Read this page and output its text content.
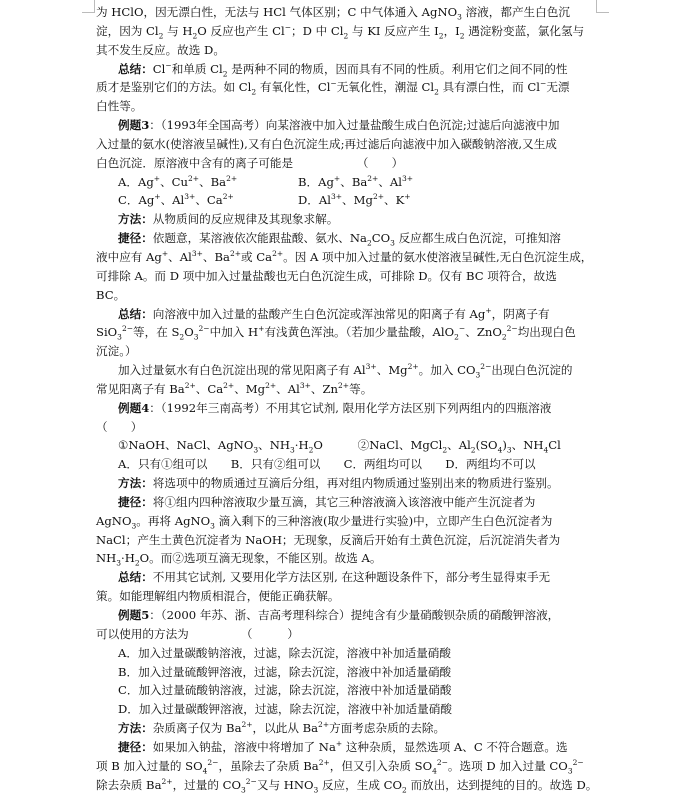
为 HClO，因无漂白性，无法与 HCl 气体区别；C 中气体通入 AgNO$_3$ 溶液，都产生白色沉
淀，因为 $Cl_2$ 与 $H_2O$ 反应也产生 Cl−；D 中 $Cl_2$ 与 KI 反应产生 $I_2$，$I_2$ 遇淀粉变蓝，氯化氢与
其不发生反应。故选 D。
总结：Cl−和单质 $Cl_2$ 是两种不同的物质，因而具有不同的性质。利用它们之间不同的性
质才是鉴别它们的方法。如 $Cl_2$ 有氧化性，Cl−无氧化性，潮湿 $Cl_2$ 具有漂白性，而 Cl−无漂
白性等。
例题3：（1993年全国高考）向某溶液中加入过量盐酸生成白色沉淀;过滤后向滤液中加
入过量的氨水(使溶液呈碱性),又有白色沉淀生成;再过滤后向滤液中加入碳酸钠溶液,又生成
白色沉淀．原溶液中含有的离子可能是　　　　　　（　　）
A．Ag+、$Cu^{2+}$、$Ba^{2+}$	B．Ag+、$Ba^{2+}$、$Al^{3+}$
C．Ag+、$Al^{3+}$、$Ca^{2+}$	D．$Al^{3+}$、$Mg^{2+}$、K+
方法：从物质间的反应规律及其现象求解。
捷径：依题意，某溶液依次能跟盐酸、氨水、$Na_2CO_3$ 反应都生成白色沉淀，可推知溶
液中应有 Ag+、$Al^{3+}$、$Ba^{2+}$或 $Ca^{2+}$。因 A 项中加入过量的氨水使溶液呈碱性,无白色沉淀生成，
可排除 A。而 D 项中加入过量盐酸也无白色沉淀生成，可排除 D。仅有 BC 项符合，故选
BC。
总结：向溶液中加入过量的盐酸产生白色沉淀或浑浊常见的阳离子有 Ag+，阴离子有
SiO$_3^{2-}$等，在 $S_2O_3^{2-}$中加入 H+有浅黄色浑浊。（若加少量盐酸，AlO$_2$−、ZnO$_2^{2-}$均出现白色
沉淀。）
加入过量氨水有白色沉淀出现的常见阳离子有 $Al^{3+}$、$Mg^{2+}$。加入 $CO_3^{2-}$出现白色沉淀的
常见阳离子有 $Ba^{2+}$、$Ca^{2+}$、$Mg^{2+}$、$Al^{3+}$、$Zn^{2+}$等。
例题4：（1992年三南高考）不用其它试剂, 限用化学方法区别下列两组内的四瓶溶液
（　　）
①NaOH、NaCl、AgNO$_3$、$NH_3\cdot H_2O$　　　②NaCl、MgCl$_2$、$Al_2(SO_4)_3$、$NH_4Cl$
A．只有①组可以　　B．只有②组可以　　C．两组均可以　　D．两组均不可以
方法：将选项中的物质通过互滴后分组，再对组内物质通过鉴别出来的物质进行鉴别。
捷径：将①组内四种溶液取少量互滴，其它三种溶液滴入该溶液中能产生沉淀者为
AgNO$_3$。再将 AgNO$_3$ 滴入剩下的三种溶液(取少量进行实验)中，立即产生白色沉淀者为
NaCl；产生土黄色沉淀者为 NaOH；无现象，反滴后开始有土黄色沉淀，后沉淀消失者为
$NH_3\cdot H_2O$。而②选项互滴无现象，不能区别。故选 A。
总结：不用其它试剂, 又要用化学方法区别, 在这种题设条件下，部分考生显得束手无
策。如能理解组内物质相混合，便能正确获解。
例题5：（2000 年苏、浙、吉高考理科综合）提纯含有少量硝酸钡杂质的硝酸钾溶液，
可以使用的方法为　　　　　（　　　）
A．加入过量碳酸钠溶液，过滤，除去沉淀，溶液中补加适量硝酸
B．加入过量硫酸钾溶液，过滤，除去沉淀，溶液中补加适量硝酸
C．加入过量硫酸钠溶液，过滤，除去沉淀，溶液中补加适量硝酸
D．加入过量碳酸钾溶液，过滤，除去沉淀，溶液中补加适量硝酸
方法：杂质离子仅为 $Ba^{2+}$，以此从 $Ba^{2+}$方面考虑杂质的去除。
捷径：如果加入钠盐，溶液中将增加了 Na+ 这种杂质，显然选项 A、C 不符合题意。选
项 B 加入过量的 $SO_4^{2-}$，虽除去了杂质 $Ba^{2+}$，但又引入杂质 $SO_4^{2-}$。选项 D 加入过量 $CO_3^{2-}$
除去杂质 $Ba^{2+}$，过量的 $CO_3^{2-}$又与 $HNO_3$ 反应，生成 $CO_2$ 而放出，达到提纯的目的。故选 D。
